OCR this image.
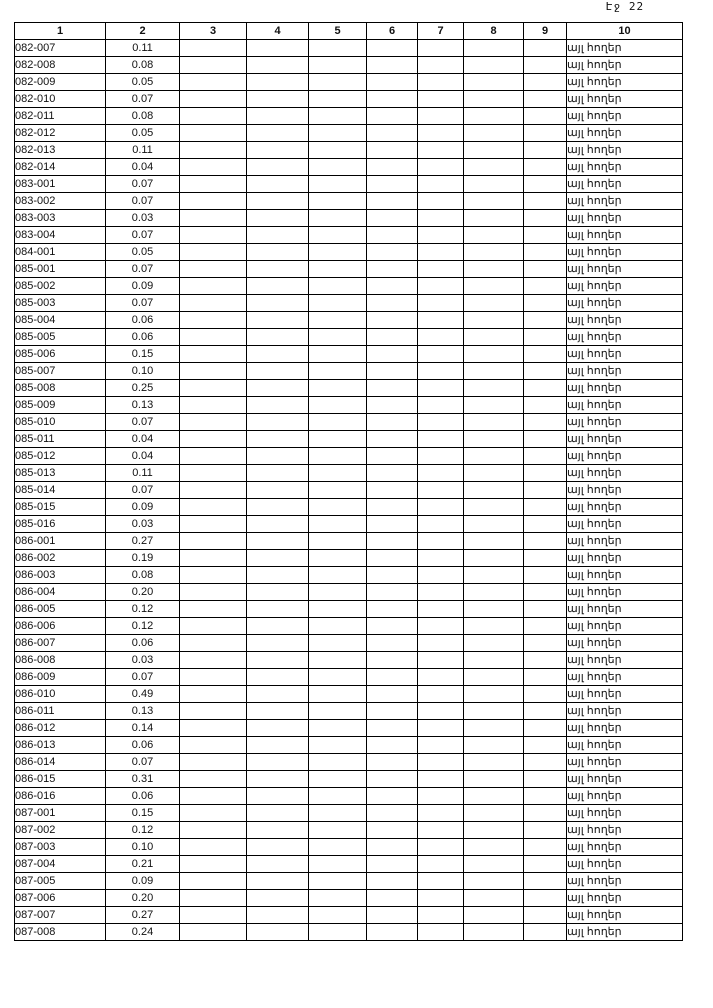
Էջ 22
1	2	3	4	5	6	7	8	9	10
082-007	0.11								այլ հողեր
082-008	0.08								այլ հողեր
082-009	0.05								այլ հողեր
082-010	0.07								այլ հողեր
082-011	0.08								այլ հողեր
082-012	0.05								այլ հողեր
082-013	0.11								այլ հողեր
082-014	0.04								այլ հողեր
083-001	0.07								այլ հողեր
083-002	0.07								այլ հողեր
083-003	0.03								այլ հողեր
083-004	0.07								այլ հողեր
084-001	0.05								այլ հողեր
085-001	0.07								այլ հողեր
085-002	0.09								այլ հողեր
085-003	0.07								այլ հողեր
085-004	0.06								այլ հողեր
085-005	0.06								այլ հողեր
085-006	0.15								այլ հողեր
085-007	0.10								այլ հողեր
085-008	0.25								այլ հողեր
085-009	0.13								այլ հողեր
085-010	0.07								այլ հողեր
085-011	0.04								այլ հողեր
085-012	0.04								այլ հողեր
085-013	0.11								այլ հողեր
085-014	0.07								այլ հողեր
085-015	0.09								այլ հողեր
085-016	0.03								այլ հողեր
086-001	0.27								այլ հողեր
086-002	0.19								այլ հողեր
086-003	0.08								այլ հողեր
086-004	0.20								այլ հողեր
086-005	0.12								այլ հողեր
086-006	0.12								այլ հողեր
086-007	0.06								այլ հողեր
086-008	0.03								այլ հողեր
086-009	0.07								այլ հողեր
086-010	0.49								այլ հողեր
086-011	0.13								այլ հողեր
086-012	0.14								այլ հողեր
086-013	0.06								այլ հողեր
086-014	0.07								այլ հողեր
086-015	0.31								այլ հողեր
086-016	0.06								այլ հողեր
087-001	0.15								այլ հողեր
087-002	0.12								այլ հողեր
087-003	0.10								այլ հողեր
087-004	0.21								այլ հողեր
087-005	0.09								այլ հողեր
087-006	0.20								այլ հողեր
087-007	0.27								այլ հողեր
087-008	0.24								այլ հողեր
